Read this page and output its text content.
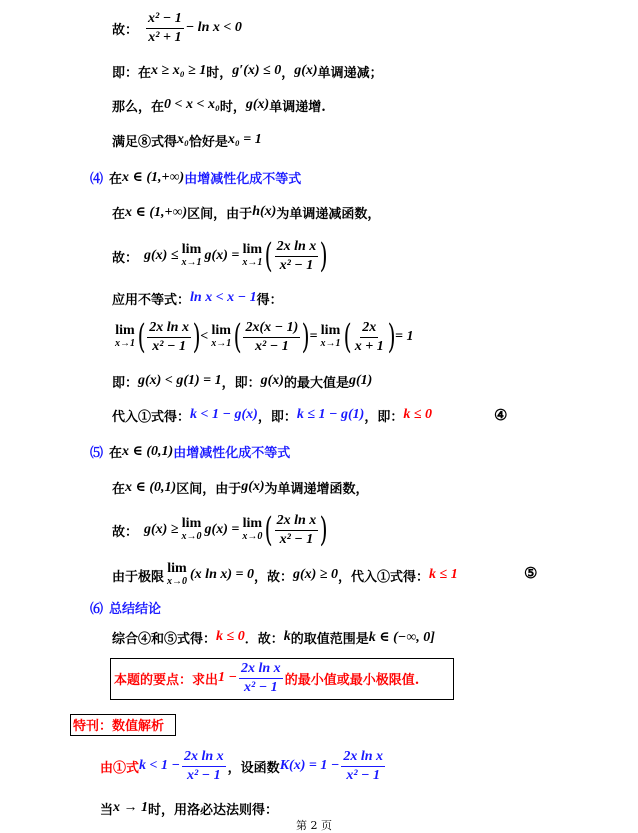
故： $\frac{\text{x² − 1}}{\text{x² + 1}} - \ln x < 0$
即：在 x ≥ x₀ ≥ 1 时， g′(x) ≤ 0 ， g(x) 单调递减；
那么，在 0 < x < x₀ 时， g(x) 单调递增.
满足⑧式得 x₀ 恰好是 x₀ = 1
⑷ 在 x ∈ (1,+∞) 由增减性化成不等式
在 x ∈ (1,+∞) 区间，由于 h(x) 为单调递减函数，
故： g(x) ≤ lim
x→1 g(x) = lim
x→1 ( $\frac{\text{2x ln x}}{\text{x² − 1}}$ )
应用不等式： ln x < x − 1 得：
lim
x→1 ( $\frac{\text{2x ln x}}{\text{x² − 1}}$ ) < lim
x→1 ( $\frac{2x(x - 1)}{\text{x² − 1}}$ ) = lim
x→1 ( $\frac{2x}{x + 1}$ ) = 1
即： g(x) < g(1) = 1 ，即： g(x) 的最大值是 g(1)
代入①式得： k < 1 − g(x) ，即： k ≤ 1 − g(1) ，即： k ≤ 0	④
⑸ 在 x ∈ (0,1) 由增减性化成不等式
在 x ∈ (0,1) 区间，由于 g(x) 为单调递增函数，
故： g(x) ≥ lim
x→0 g(x) = lim
x→0 ( $\frac{\text{2x ln x}}{\text{x² − 1}}$ )
由于极限
lim
x→0 (x ln x) = 0 ，故： g(x) ≥ 0 ，代入①式得： k ≤ 1	⑤
⑹ 总结结论
综合④和⑤式得： k ≤ 0 ．故： k 的取值范围是 k ∈ (−∞, 0]
本题的要点：求出 $1 - \frac{\text{2x ln x}}{\text{x² − 1}}$ 的最小值或最小极限值.
特刊：数值解析
由①式 $k < 1 - \frac{\text{2x ln x}}{\text{x² − 1}}$ ，设函数 $K(x) = 1 - \frac{\text{2x ln x}}{\text{x² − 1}}$
当 x → 1 时，用洛必达法则得：
第 2 页
